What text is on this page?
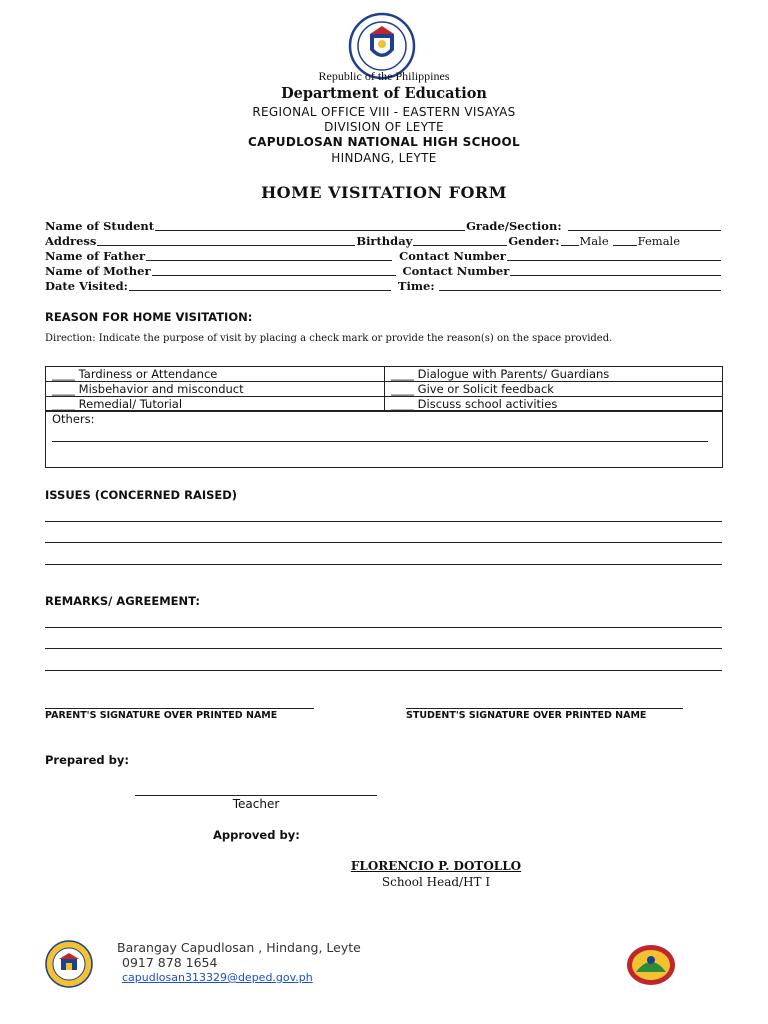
Republic of the Philippines
Department of Education
REGIONAL OFFICE VIII - EASTERN VISAYAS
DIVISION OF LEYTE
CAPUDLOSAN NATIONAL HIGH SCHOOL
HINDANG, LEYTE
HOME VISITATION FORM
Name of Student	Grade/Section:
Address	Birthday	Gender: Male	Female
Name of Father	Contact Number
Name of Mother	Contact Number
Date Visited:	Time:
REASON FOR HOME VISITATION:
Direction: Indicate the purpose of visit by placing a check mark or provide the reason(s) on the space provided.
____ Tardiness or Attendance	____ Dialogue with Parents/ Guardians
____ Misbehavior and misconduct	____ Give or Solicit feedback
____ Remedial/ Tutorial	____ Discuss school activities
Others:
ISSUES (CONCERNED RAISED)
REMARKS/ AGREEMENT:
PARENT'S SIGNATURE OVER PRINTED NAME	STUDENT'S SIGNATURE OVER PRINTED NAME
Prepared by:
Teacher
Approved by:
FLORENCIO P. DOTOLLO
School Head/HT I
Barangay Capudlosan , Hindang, Leyte
0917 878 1654
capudlosan313329@deped.gov.ph
